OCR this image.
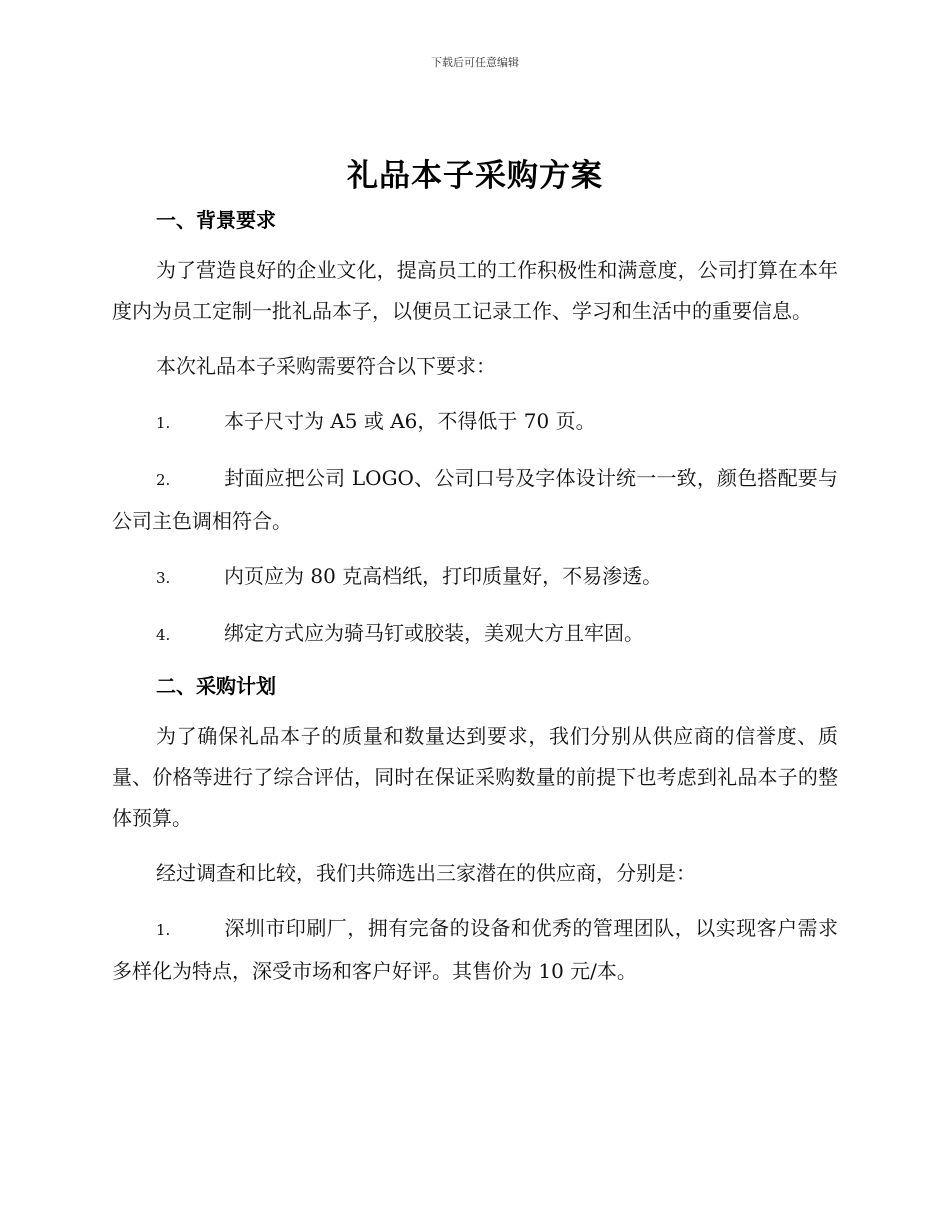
下载后可任意编辑
礼品本子采购方案

一、背景要求

为了营造良好的企业文化，提高员工的工作积极性和满意度，公司打算在本年度内为员工定制一批礼品本子，以便员工记录工作、学习和生活中的重要信息。

本次礼品本子采购需要符合以下要求：

1.	本子尺寸为 A5 或 A6，不得低于 70 页。

2.	封面应把公司 LOGO、公司口号及字体设计统一一致，颜色搭配要与公司主色调相符合。

3.	内页应为 80 克高档纸，打印质量好，不易渗透。

4.	绑定方式应为骑马钉或胶装，美观大方且牢固。

二、采购计划

为了确保礼品本子的质量和数量达到要求，我们分别从供应商的信誉度、质量、价格等进行了综合评估，同时在保证采购数量的前提下也考虑到礼品本子的整体预算。

经过调查和比较，我们共筛选出三家潜在的供应商，分别是：

1.	深圳市印刷厂，拥有完备的设备和优秀的管理团队，以实现客户需求多样化为特点，深受市场和客户好评。其售价为 10 元/本。
